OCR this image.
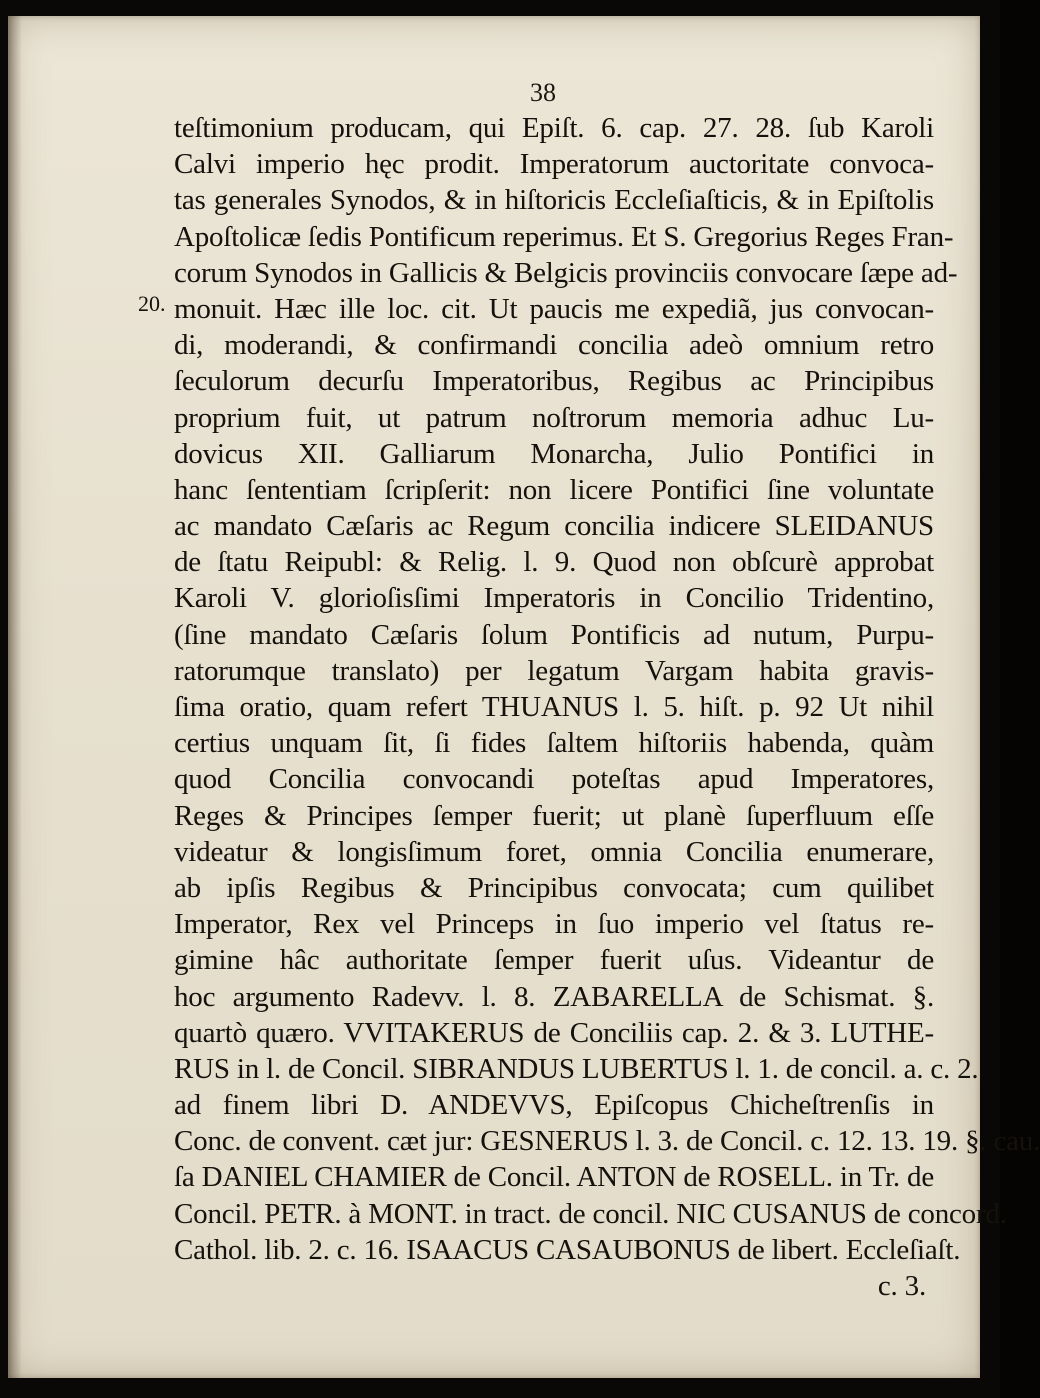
38
20.
teſtimonium producam, qui Epiſt. 6. cap. 27. 28. ſub Karoli
Calvi imperio hęc prodit. Imperatorum auctoritate convoca-
tas generales Synodos, & in hiſtoricis Eccleſiaſticis, & in Epiſtolis
Apoſtolicæ ſedis Pontificum reperimus. Et S. Gregorius Reges Fran-
corum Synodos in Gallicis & Belgicis provinciis convocare ſæpe ad-
monuit. Hæc ille loc. cit. Ut paucis me expediã, jus convocan-
di, moderandi, & confirmandi concilia adeò omnium retro
ſeculorum decurſu Imperatoribus, Regibus ac Principibus
proprium fuit, ut patrum noſtrorum memoria adhuc Lu-
dovicus XII. Galliarum Monarcha, Julio Pontifici in
hanc ſententiam ſcripſerit: non licere Pontifici ſine voluntate
ac mandato Cæſaris ac Regum concilia indicere SLEIDANUS
de ſtatu Reipubl: & Relig. l. 9. Quod non obſcurè approbat
Karoli V. glorioſisſimi Imperatoris in Concilio Tridentino,
(ſine mandato Cæſaris ſolum Pontificis ad nutum, Purpu-
ratorumque translato) per legatum Vargam habita gravis-
ſima oratio, quam refert THUANUS l. 5. hiſt. p. 92 Ut nihil
certius unquam ſit, ſi fides ſaltem hiſtoriis habenda, quàm
quod Concilia convocandi poteſtas apud Imperatores,
Reges & Principes ſemper fuerit; ut planè ſuperfluum eſſe
videatur & longisſimum foret, omnia Concilia enumerare,
ab ipſis Regibus & Principibus convocata; cum quilibet
Imperator, Rex vel Princeps in ſuo imperio vel ſtatus re-
gimine hâc authoritate ſemper fuerit uſus. Videantur de
hoc argumento Radevv. l. 8. ZABARELLA de Schismat. §.
quartò quæro. VVITAKERUS de Conciliis cap. 2. & 3. LUTHE-
RUS in l. de Concil. SIBRANDUS LUBERTUS l. 1. de concil. a. c. 2.
ad finem libri D. ANDEVVS, Epiſcopus Chicheſtrenſis in
Conc. de convent. cæt jur: GESNERUS l. 3. de Concil. c. 12. 13. 19. §. cau.
ſa DANIEL CHAMIER de Concil. ANTON de ROSELL. in Tr. de
Concil. PETR. à MONT. in tract. de concil. NIC CUSANUS de concord.
Cathol. lib. 2. c. 16. ISAACUS CASAUBONUS de libert. Eccleſiaſt.
c. 3.
